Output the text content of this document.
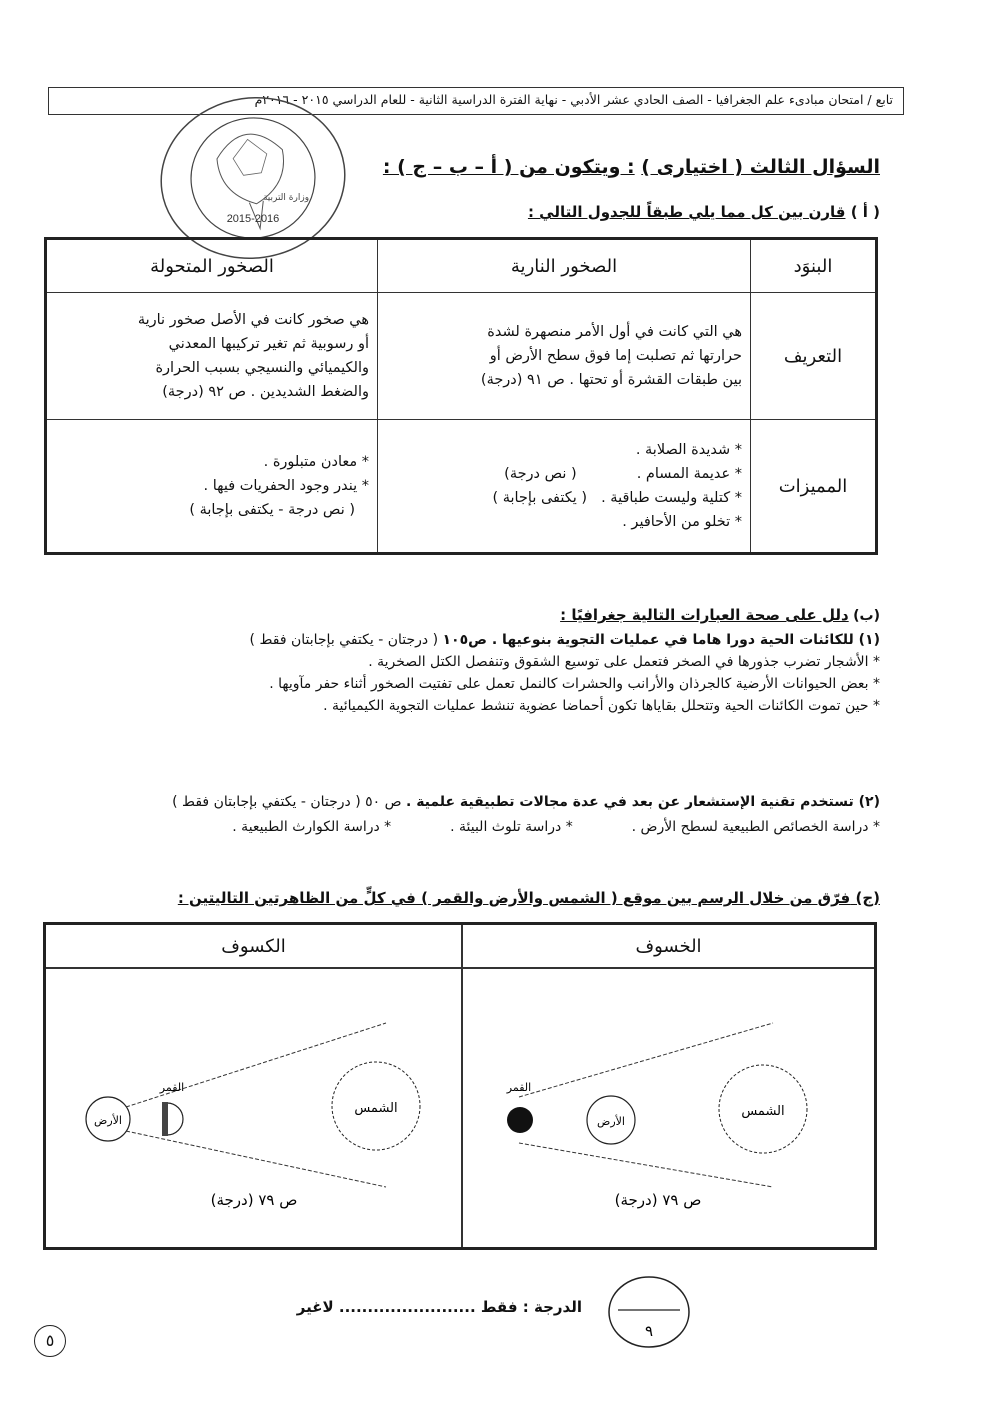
تابع / امتحان مبادىء علم الجغرافيا - الصف الحادي عشر الأدبي - نهاية الفترة الدراسية الثانية - للعام الدراسي ٢٠١٥ - ٢٠١٦م
وزارة التربية
2015-2016
السؤال الثالث ( اختيارى ) : ويتكون من ( أ – ب – ج ) :
( أ ) قارن بين كل مما يلي طبقاً للجدول التالي :
البنوَد	الصخور النارية	الصخور المتحولة
التعريف	هي التي كانت في أول الأمر منصهرة لشدة
حرارتها ثم تصلبت إما فوق سطح الأرض أو
بين طبقات القشرة أو تحتها . ص ٩١ (درجة)	هي صخور كانت في الأصل صخور نارية
أو رسوبية ثم تغير تركيبها المعدني
والكيميائي والنسيجي بسبب الحرارة
والضغط الشديدين . ص ٩٢ (درجة)

المميزات	* شديدة الصلابة .
* عديمة المسام .( نص درجة)
* كتلية وليست طباقية .( يكتفى بإجابة )
* تخلو من الأحافير .	* معادن متبلورة .
* يندر وجود الحفريات فيها .
( نص درجة - يكتفى بإجابة )
(ب) دلل على صحة العبارات التالية جغرافيًا :
(١) للكائنات الحية دورا هاما في عمليات التجوية بنوعيها . ص١٠٥ ( درجتان - يكتفي بإجابتان فقط )
* الأشجار تضرب جذورها في الصخر فتعمل على توسيع الشقوق وتنفصل الكتل الصخرية .
* بعض الحيوانات الأرضية كالجرذان والأرانب والحشرات كالنمل تعمل على تفتيت الصخور أثناء حفر مآويها .
* حين تموت الكائنات الحية وتتحلل بقاياها تكون أحماضا عضوية تنشط عمليات التجوية الكيميائية .
(٢) تستخدم تقنية الإستشعار عن بعد في عدة مجالات تطبيقية علمية . ص ٥٠ ( درجتان - يكتفي بإجابتان فقط )
* دراسة الخصائص الطبيعية لسطح الأرض .  * دراسة تلوث البيئة .  * دراسة الكوارث الطبيعية .
(ج) فرّق من خلال الرسم بين موقع ( الشمس والأرض والقمر ) في كلٍّ من الظاهرتين التاليتين :
الخسوف
الكسوف
الأرض
القمر
الشمس
ص ٧٩ (درجة)
القمر
الأرض
الشمس
ص ٧٩ (درجة)
٩
الدرجة : فقط ........................ لاغير
٥
